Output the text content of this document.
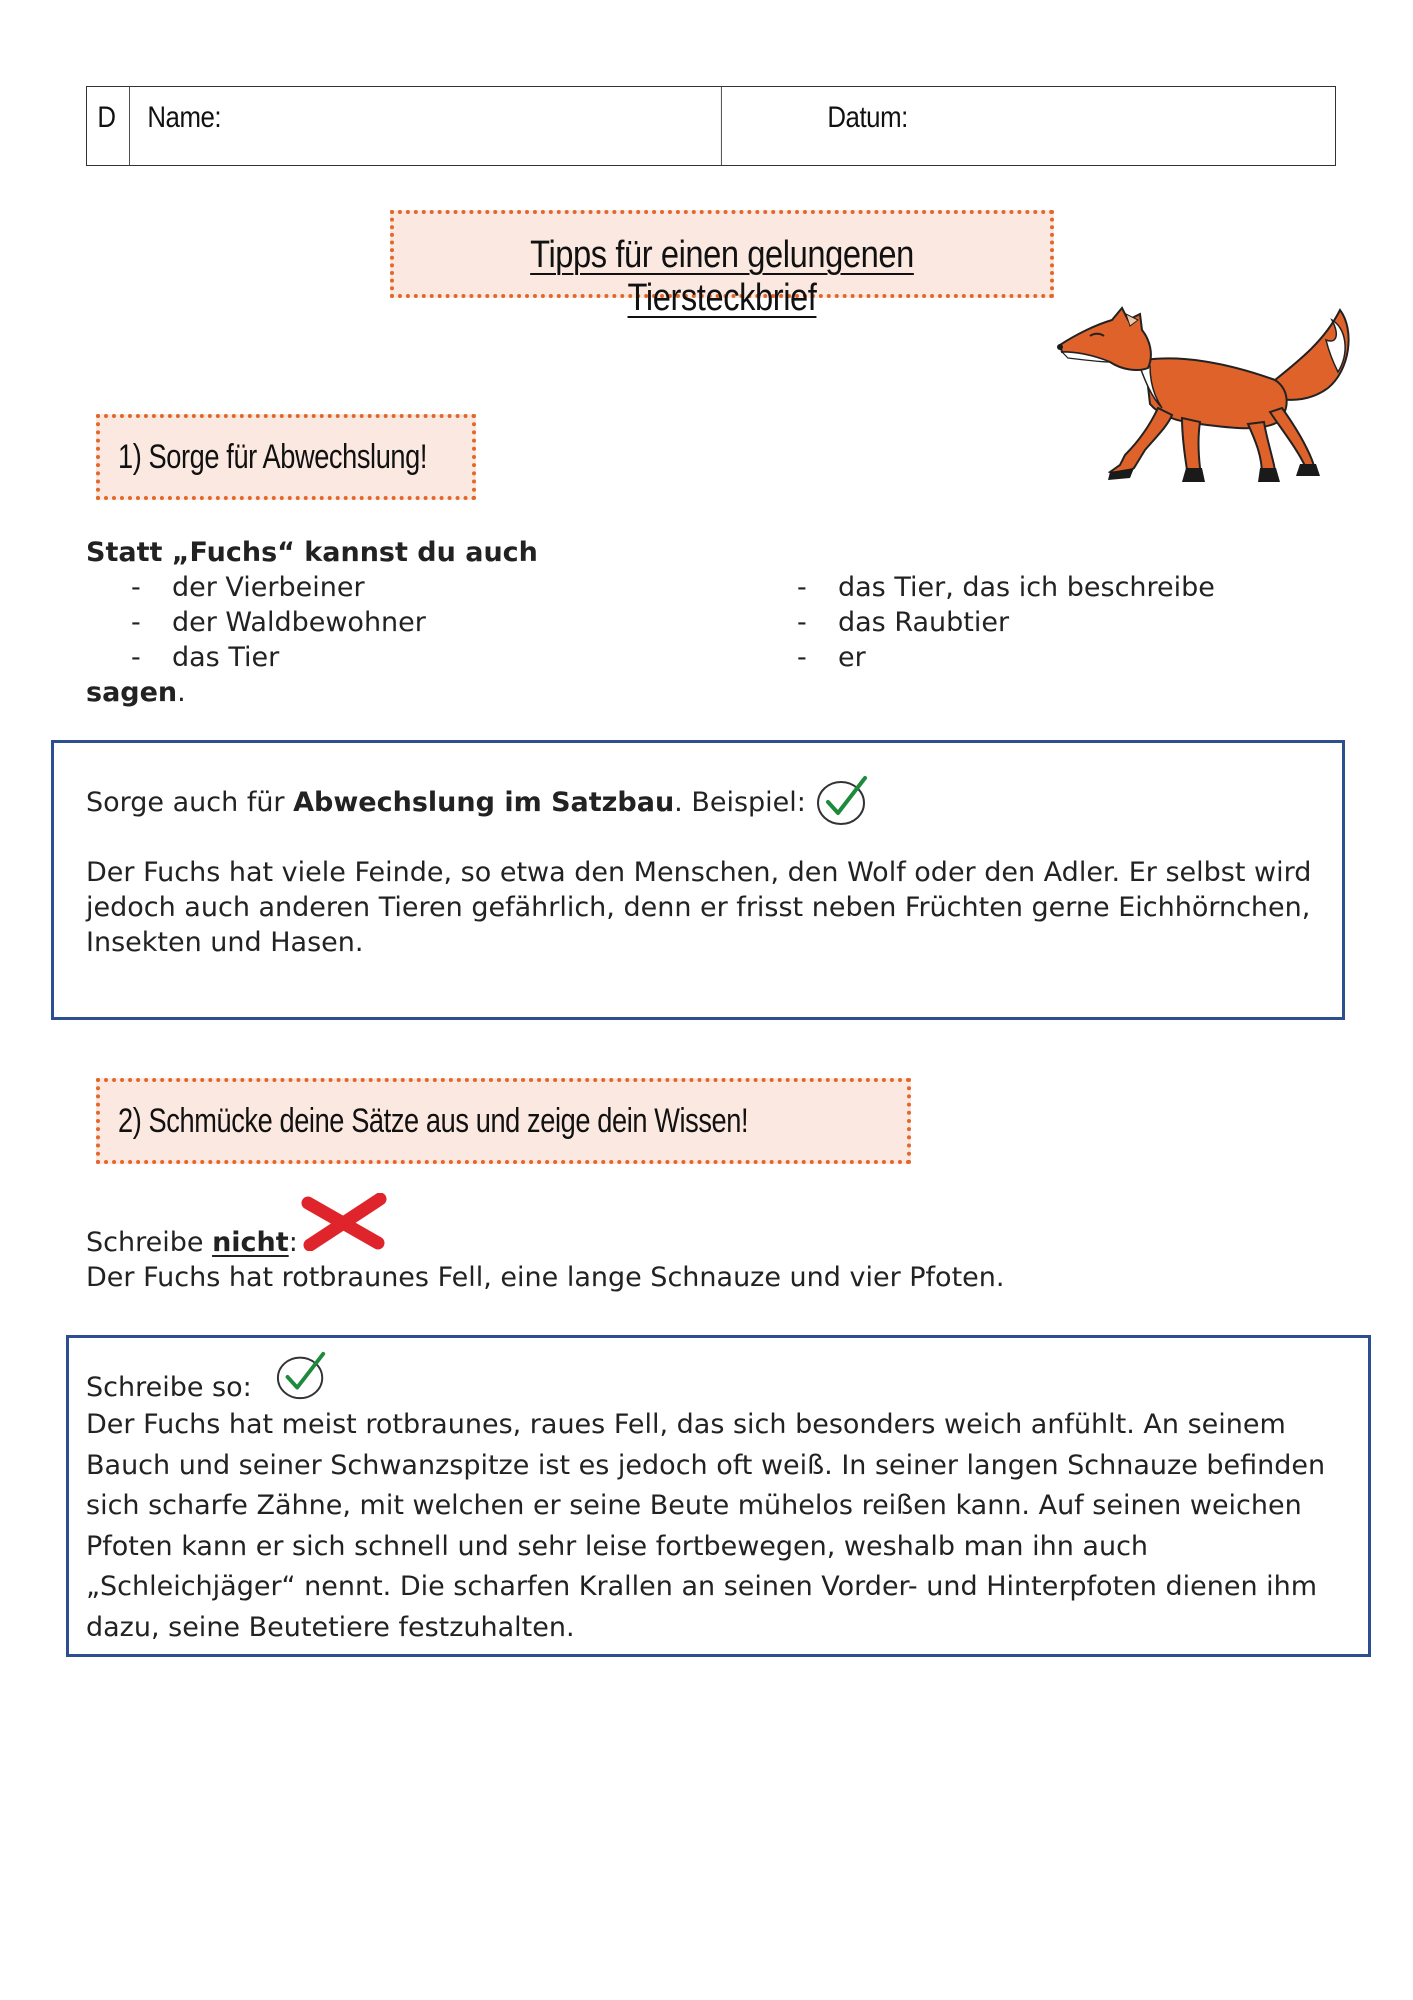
D	Name:	Datum:
Tipps für einen gelungenen Tiersteckbrief
1) Sorge für Abwechslung!
Statt „Fuchs“ kannst du auch
- der Vierbeiner
- der Waldbewohner
- das Tier
- das Tier, das ich beschreibe
- das Raubtier
- er
sagen.
Sorge auch für Abwechslung im Satzbau. Beispiel:
Der Fuchs hat viele Feinde, so etwa den Menschen, den Wolf oder den Adler. Er selbst wird jedoch auch anderen Tieren gefährlich, denn er frisst neben Früchten gerne Eichhörnchen, Insekten und Hasen.
2) Schmücke deine Sätze aus und zeige dein Wissen!
Schreibe nicht:
Der Fuchs hat rotbraunes Fell, eine lange Schnauze und vier Pfoten.
Schreibe so:
Der Fuchs hat meist rotbraunes, raues Fell, das sich besonders weich anfühlt. An seinem Bauch und seiner Schwanzspitze ist es jedoch oft weiß. In seiner langen Schnauze befinden sich scharfe Zähne, mit welchen er seine Beute mühelos reißen kann. Auf seinen weichen Pfoten kann er sich schnell und sehr leise fortbewegen, weshalb man ihn auch „Schleichjäger“ nennt. Die scharfen Krallen an seinen Vorder- und Hinterpfoten dienen ihm dazu, seine Beutetiere festzuhalten.
